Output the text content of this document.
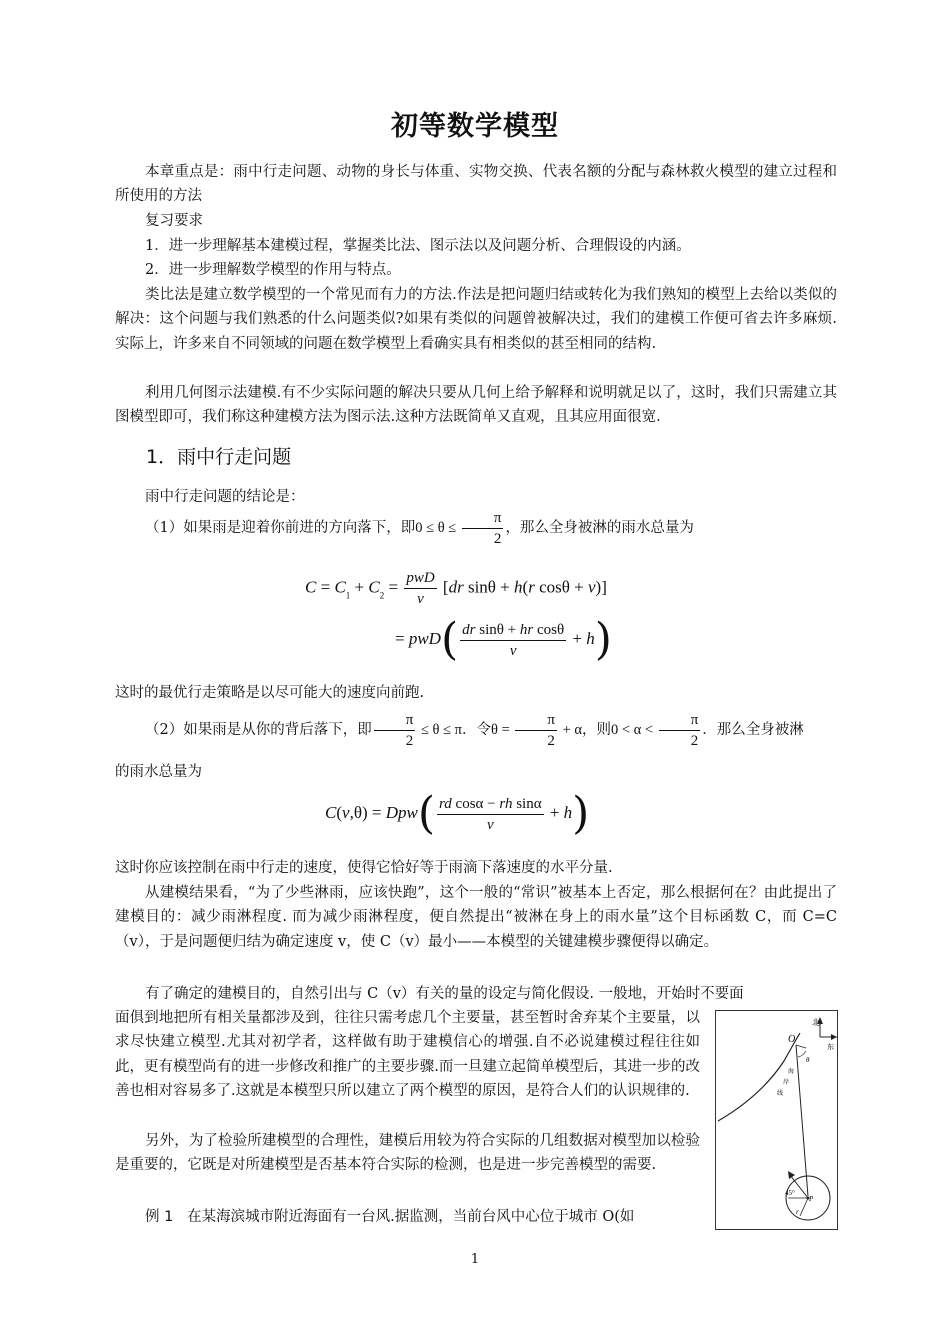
初等数学模型

本章重点是：雨中行走问题、动物的身长与体重、实物交换、代表名额的分配与森林救火模型的建立过程和所使用的方法

复习要求

1．进一步理解基本建模过程，掌握类比法、图示法以及问题分析、合理假设的内涵。

2．进一步理解数学模型的作用与特点。

类比法是建立数学模型的一个常见而有力的方法.作法是把问题归结或转化为我们熟知的模型上去给以类似的解决：这个问题与我们熟悉的什么问题类似?如果有类似的问题曾被解决过，我们的建模工作便可省去许多麻烦.实际上，许多来自不同领域的问题在数学模型上看确实具有相类似的甚至相同的结构.

利用几何图示法建模.有不少实际问题的解决只要从几何上给予解释和说明就足以了，这时，我们只需建立其图模型即可，我们称这种建模方法为图示法.这种方法既简单又直观，且其应用面很宽.

1．雨中行走问题

雨中行走问题的结论是：

（1）如果雨是迎着你前进的方向落下，即$0 \le \theta \le \frac{\pi}{2}$ ，那么全身被淋的雨水总量为
$C = C_1 + C_2 = \frac{\text{pwD}}{v} [dr$ sinθ + h(r cosθ + v)]
= $pwD( \frac{\text{dr sinθ + hr cosθ}}{v} + h)$

这时的最优行走策略是以尽可能大的速度向前跑.

（2）如果雨是从你的背后落下，即 $\frac{\pi}{2} \le \theta \le \pi$．令$\theta = \frac{\pi}{2} + \alpha$，则$0 < \alpha < \frac{\pi}{2}$ ．那么全身被淋

的雨水总量为

$C(v,\theta) = Dpw( \frac{\text{rd cosα − rh sinα}}{v} + h)$

这时你应该控制在雨中行走的速度，使得它恰好等于雨滴下落速度的水平分量.

从建模结果看，“为了少些淋雨，应该快跑”，这个一般的“常识”被基本上否定，那么根据何在？由此提出了建模目的：减少雨淋程度. 而为减少雨淋程度，便自然提出“被淋在身上的雨水量”这个目标函数 C，而 C=C（v），于是问题便归结为确定速度 v，使 C（v）最小——本模型的关键建模步骤便得以确定。

有了确定的建模目的，自然引出与 C（v）有关的量的设定与简化假设. 一般地，开始时不要面

面俱到地把所有相关量都涉及到，往往只需考虑几个主要量，甚至暂时舍弃某个主要量，以求尽快建立模型.尤其对初学者，这样做有助于建模信心的增强.自不必说建模过程往往如此，更有模型尚有的进一步修改和推广的主要步骤.而一旦建立起简单模型后，其进一步的改善也相对容易多了.这就是本模型只所以建立了两个模型的原因，是符合人们的认识规律的.

另外，为了检验所建模型的合理性，建模后用较为符合实际的几组数据对模型加以检验是重要的，它既是对所建模型是否基本符合实际的检测，也是进一步完善模型的需要.

例 1 在某海滨城市附近海面有一台风.据监测，当前台风中心位于城市 O(如
北
东
O
海
岸
线
θ
45°
P
r
1
